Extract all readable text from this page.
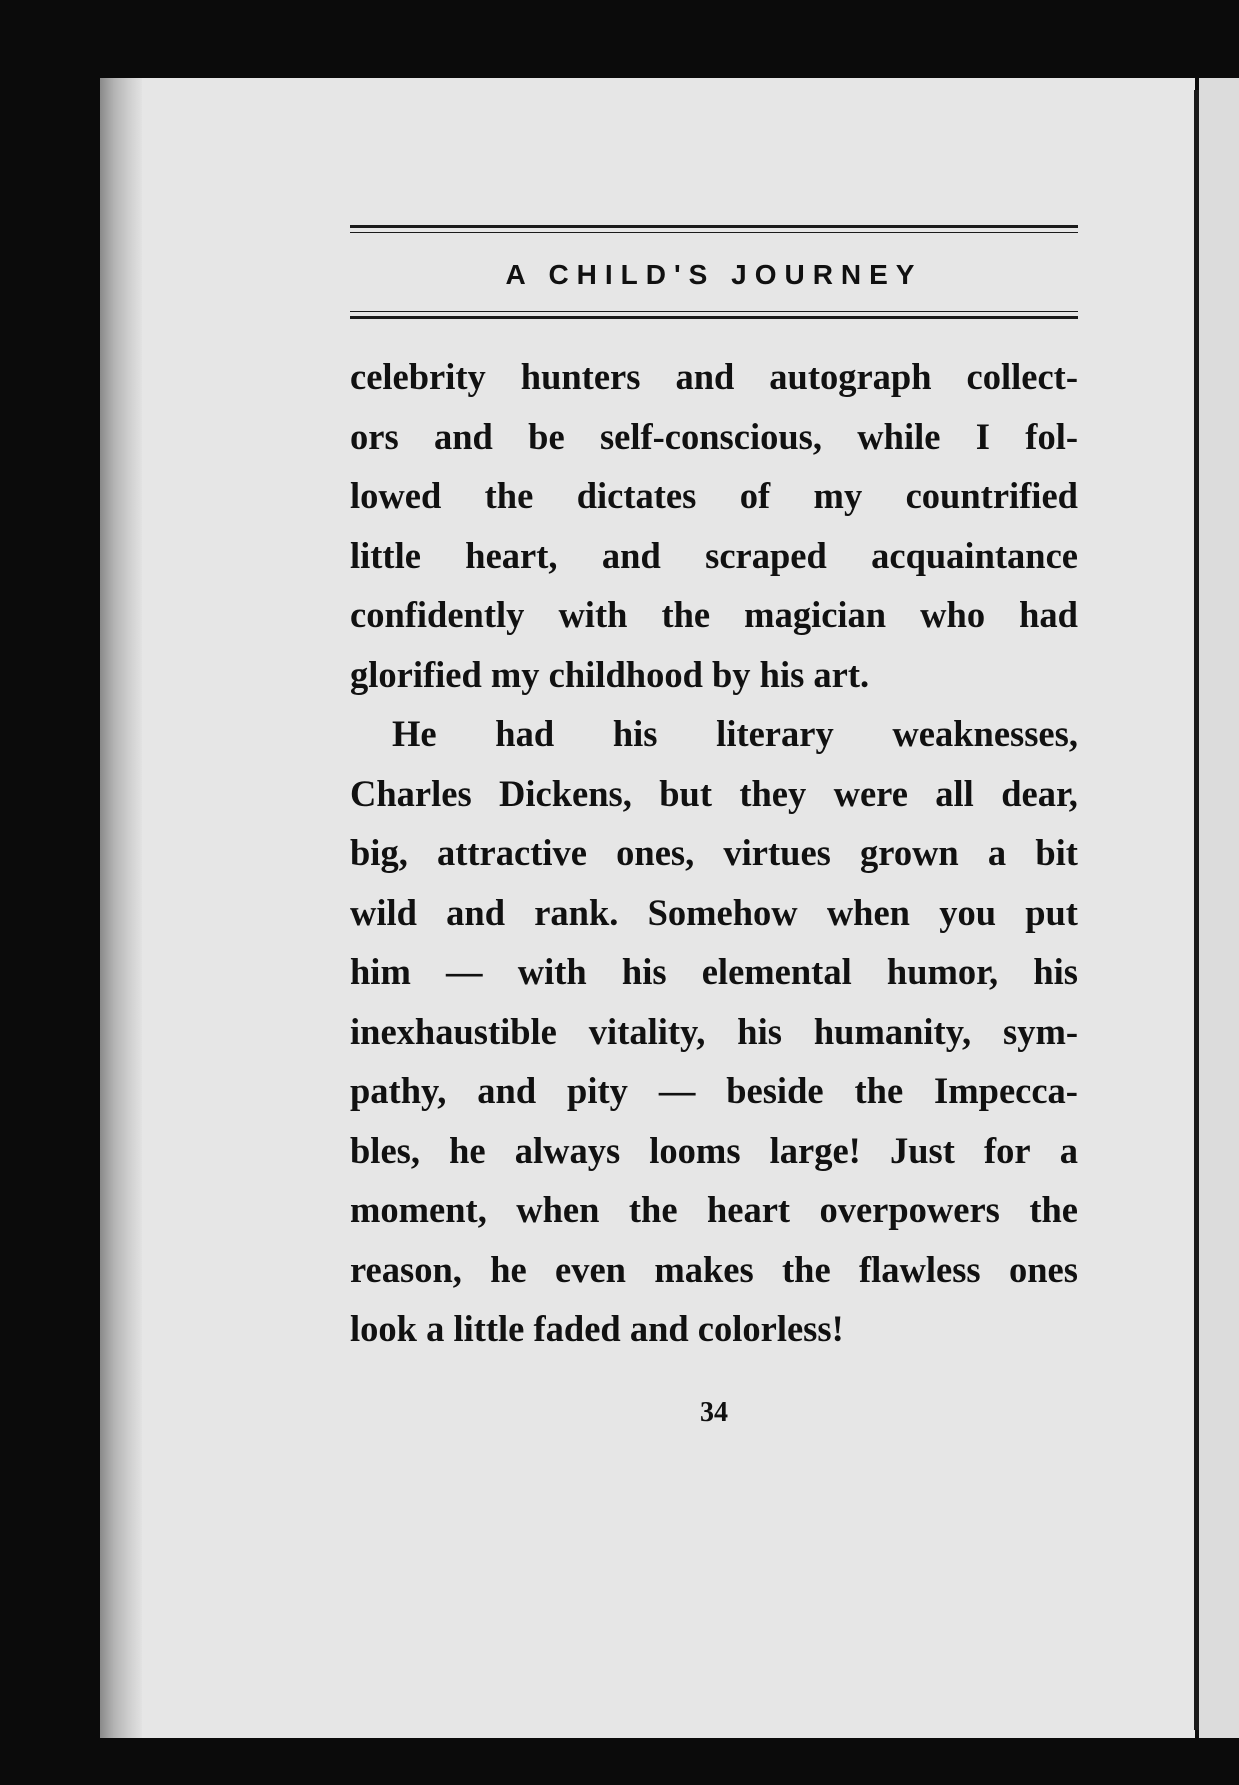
A CHILD'S JOURNEY
celebrity hunters and autograph collect-
ors and be self-conscious, while I fol-
lowed the dictates of my countrified
little heart, and scraped acquaintance
confidently with the magician who had
glorified my childhood by his art.
He had his literary weaknesses,
Charles Dickens, but they were all dear,
big, attractive ones, virtues grown a bit
wild and rank. Somehow when you put
him — with his elemental humor, his
inexhaustible vitality, his humanity, sym-
pathy, and pity — beside the Impecca-
bles, he always looms large! Just for a
moment, when the heart overpowers the
reason, he even makes the flawless ones
look a little faded and colorless!
34
